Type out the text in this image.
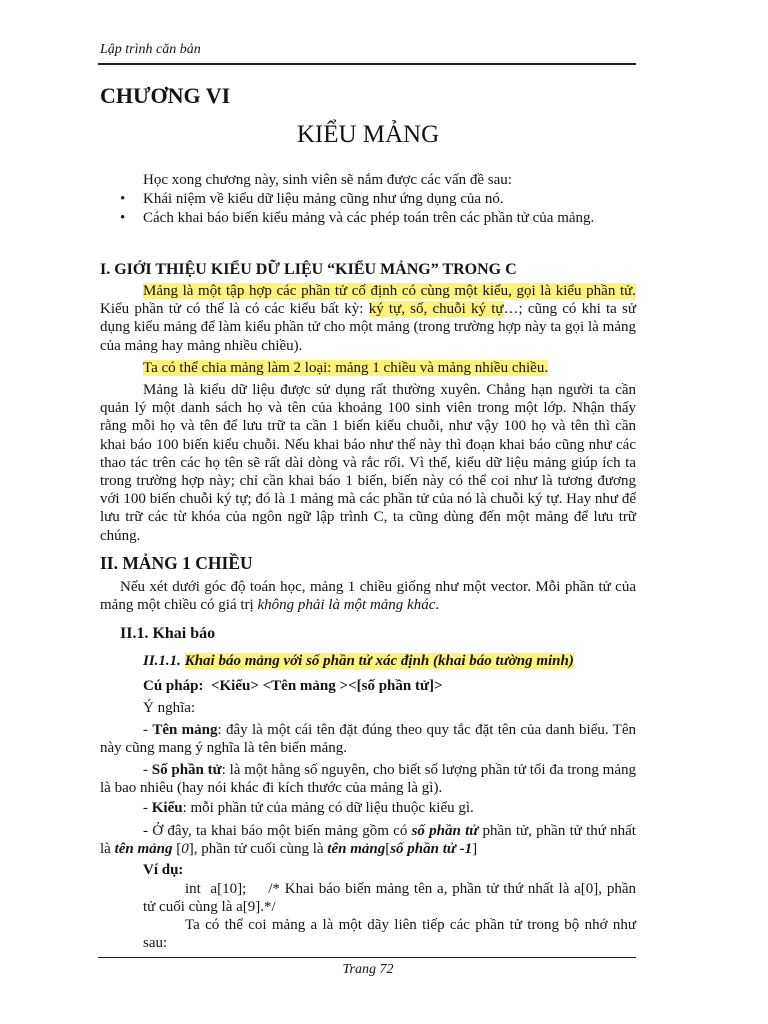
Lập trình căn bản
CHƯƠNG VI
KIỂU MẢNG
Học xong chương này, sinh viên sẽ nắm được các vấn đề sau:
•Khái niệm về kiểu dữ liệu mảng cũng như ứng dụng của nó.
•Cách khai báo biến kiểu mảng và các phép toán trên các phần tử của mảng.
I. GIỚI THIỆU KIỂU DỮ LIỆU “KIỂU MẢNG” TRONG C
Mảng là một tập hợp các phần tử cố định có cùng một kiểu, gọi là kiểu phần tử. Kiểu phần tử có thể là có các kiểu bất kỳ: ký tự, số, chuỗi ký tự…; cũng có khi ta sử dụng kiểu mảng để làm kiểu phần tử cho một mảng (trong trường hợp này ta gọi là mảng của mảng hay mảng nhiều chiều).
Ta có thể chia mảng làm 2 loại: mảng 1 chiều và mảng nhiều chiều.
Mảng là kiểu dữ liệu được sử dụng rất thường xuyên. Chẳng hạn người ta cần quản lý một danh sách họ và tên của khoảng 100 sinh viên trong một lớp. Nhận thấy rằng mỗi họ và tên để lưu trữ ta cần 1 biến kiểu chuỗi, như vậy 100 họ và tên thì cần khai báo 100 biến kiểu chuỗi. Nếu khai báo như thế này thì đoạn khai báo cũng như các thao tác trên các họ tên sẽ rất dài dòng và rắc rối. Vì thế, kiểu dữ liệu mảng giúp ích ta trong trường hợp này; chỉ cần khai báo 1 biến, biến này có thể coi như là tương đương với 100 biến chuỗi ký tự; đó là 1 mảng mà các phần tử của nó là chuỗi ký tự. Hay như để lưu trữ các từ khóa của ngôn ngữ lập trình C, ta cũng dùng đến một mảng để lưu trữ chúng.
II. MẢNG 1 CHIỀU
Nếu xét dưới góc độ toán học, mảng 1 chiều giống như một vector. Mỗi phần tử của mảng một chiều có giá trị không phải là một mảng khác.
II.1. Khai báo
II.1.1. Khai báo mảng với số phần tử xác định (khai báo tường minh)
Cú pháp:  <Kiểu> <Tên mảng ><[số phần tử]>
Ý nghĩa:
- Tên mảng: đây là một cái tên đặt đúng theo quy tắc đặt tên của danh biểu. Tên này cũng mang ý nghĩa là tên biến mảng.
- Số phần tử: là một hằng số nguyên, cho biết số lượng phần tử tối đa trong mảng là bao nhiêu (hay nói khác đi kích thước của mảng là gì).
- Kiểu: mỗi phần tử của mảng có dữ liệu thuộc kiểu gì.
- Ở đây, ta khai báo một biến mảng gồm có số phần tử phần tử, phần tử thứ nhất là tên mảng [0], phần tử cuối cùng là tên mảng[số phần tử -1]
Ví dụ:
int  a[10]; /* Khai báo biến mảng tên a, phần tử thứ nhất là a[0], phần tử cuối cùng là a[9].*/
Ta có thể coi mảng a là một dãy liên tiếp các phần tử trong bộ nhớ như sau:
Trang 72
